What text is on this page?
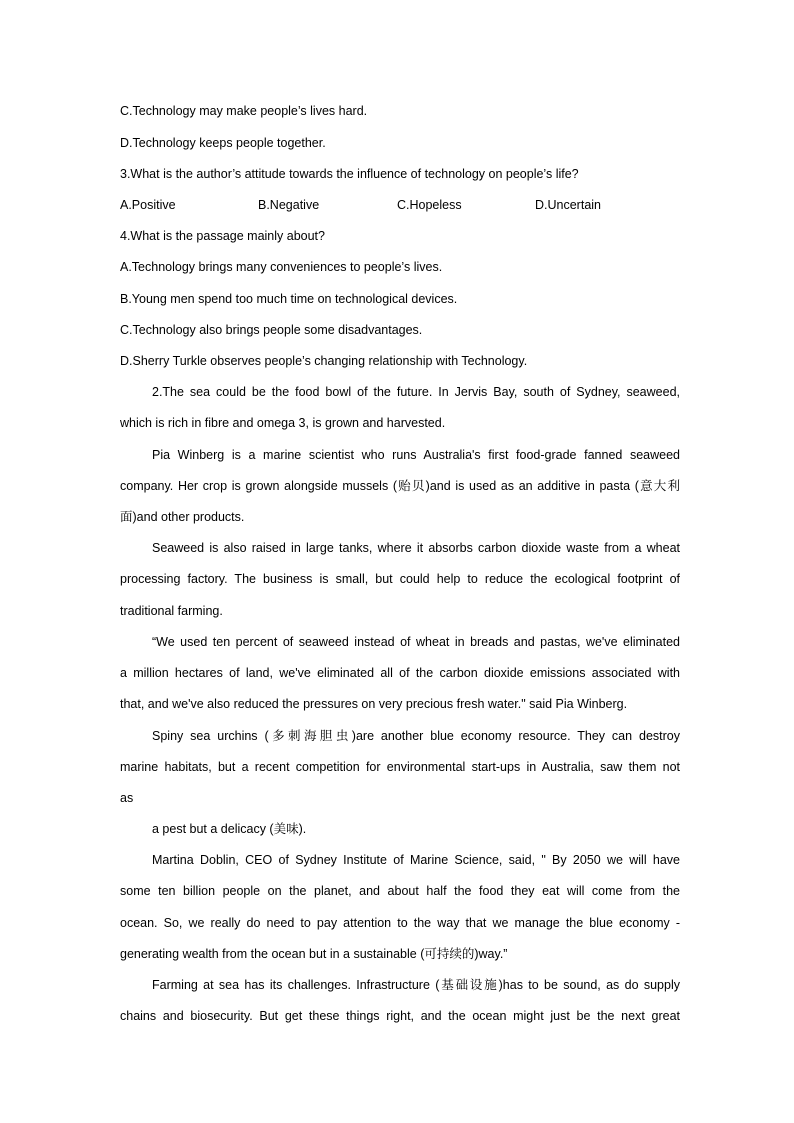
C.Technology may make people’s lives hard.
D.Technology keeps people together.
3.What is the author’s attitude towards the influence of technology on people’s life?
A.Positive	B.Negative	C.Hopeless	D.Uncertain
4.What is the passage mainly about?
A.Technology brings many conveniences to people’s lives.
B.Young men spend too much time on technological devices.
C.Technology also brings people some disadvantages.
D.Sherry Turkle observes people’s changing relationship with Technology.
2.The sea could be the food bowl of the future. In Jervis Bay, south of Sydney, seaweed,
which is rich in fibre and omega 3, is grown and harvested.
Pia Winberg is a marine scientist who runs Australia's first food-grade fanned seaweed
company. Her crop is grown alongside mussels (贻贝)and is used as an additive in pasta (意大利
面)and other products.
Seaweed is also raised in large tanks, where it absorbs carbon dioxide waste from a wheat
processing factory. The business is small, but could help to reduce the ecological footprint of
traditional farming.
“We used ten percent of seaweed instead of wheat in breads and pastas, we've eliminated
a million hectares of land, we've eliminated all of the carbon dioxide emissions associated with
that, and we've also reduced the pressures on very precious fresh water." said Pia Winberg.
Spiny sea urchins (多刺海胆虫)are another blue economy resource. They can destroy
marine habitats, but a recent competition for environmental start-ups in Australia, saw them not
as
a pest but a delicacy (美味).
Martina Doblin, CEO of Sydney Institute of Marine Science, said, " By 2050 we will have
some ten billion people on the planet, and about half the food they eat will come from the
ocean. So, we really do need to pay attention to the way that we manage the blue economy -
generating wealth from the ocean but in a sustainable (可持续的)way.”
Farming at sea has its challenges. Infrastructure (基础设施)has to be sound, as do supply
chains and biosecurity. But get these things right, and the ocean might just be the next great
